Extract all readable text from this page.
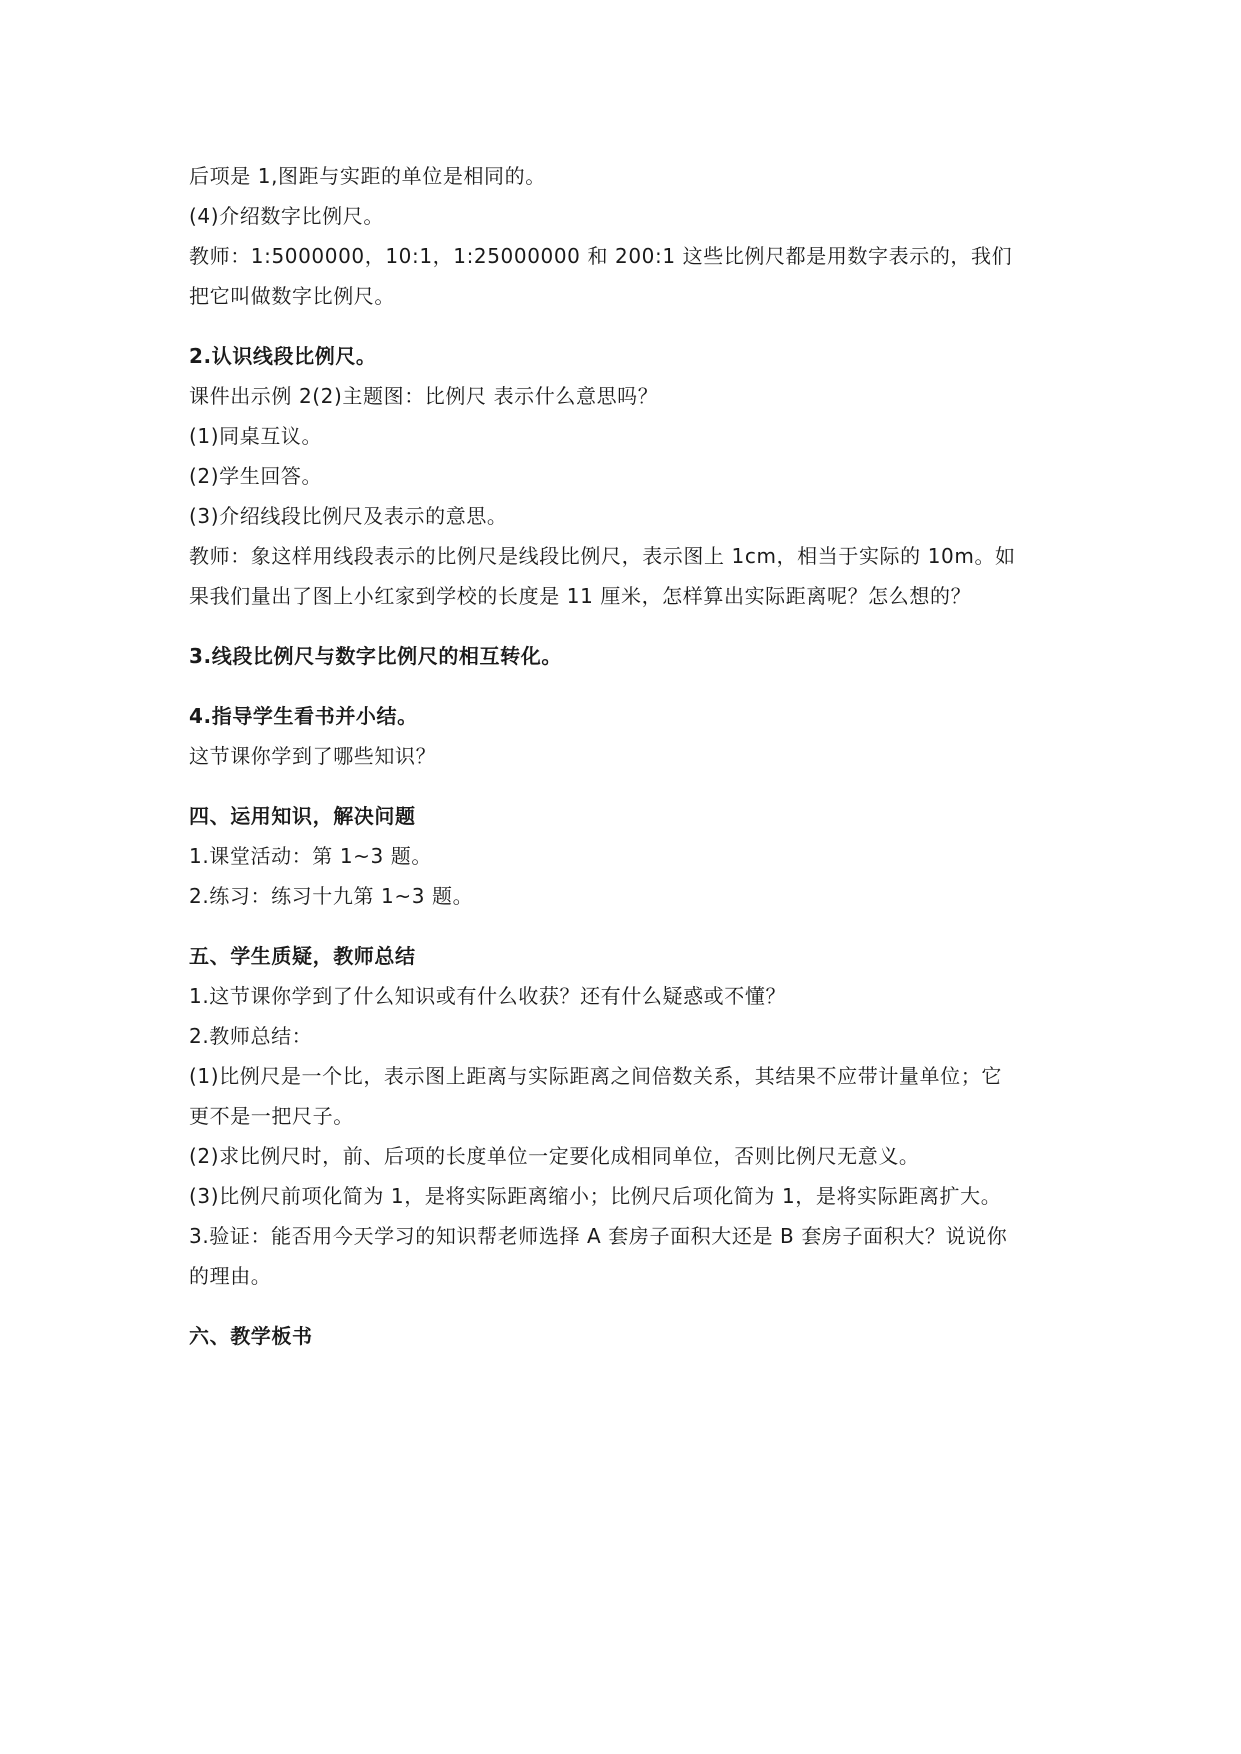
后项是 1,图距与实距的单位是相同的。
(4)介绍数字比例尺。
教师：1:5000000，10:1，1:25000000 和 200:1 这些比例尺都是用数字表示的，我们
把它叫做数字比例尺。
2.认识线段比例尺。
课件出示例 2(2)主题图：比例尺 表示什么意思吗？
(1)同桌互议。
(2)学生回答。
(3)介绍线段比例尺及表示的意思。
教师：象这样用线段表示的比例尺是线段比例尺，表示图上 1cm，相当于实际的 10m。如
果我们量出了图上小红家到学校的长度是 11 厘米，怎样算出实际距离呢？怎么想的？
3.线段比例尺与数字比例尺的相互转化。
4.指导学生看书并小结。
这节课你学到了哪些知识？
四、运用知识，解决问题
1.课堂活动：第 1~3 题。
2.练习：练习十九第 1~3 题。
五、学生质疑，教师总结
1.这节课你学到了什么知识或有什么收获？还有什么疑惑或不懂？
2.教师总结：
(1)比例尺是一个比，表示图上距离与实际距离之间倍数关系，其结果不应带计量单位；它
更不是一把尺子。
(2)求比例尺时，前、后项的长度单位一定要化成相同单位，否则比例尺无意义。
(3)比例尺前项化简为 1，是将实际距离缩小；比例尺后项化简为 1，是将实际距离扩大。
3.验证：能否用今天学习的知识帮老师选择 A 套房子面积大还是 B 套房子面积大？说说你
的理由。
六、教学板书
